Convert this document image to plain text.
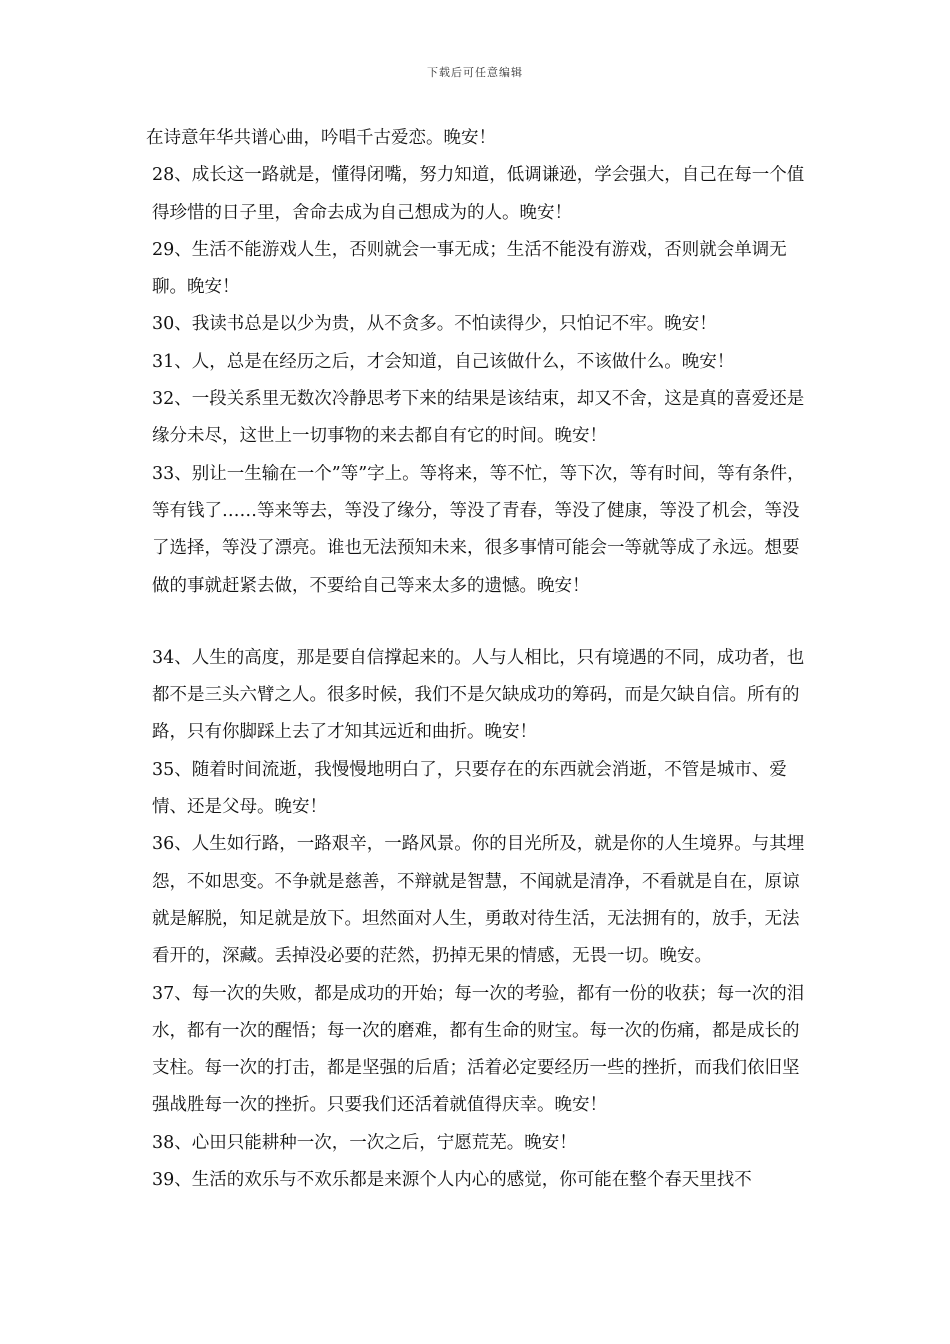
下载后可任意编辑

在诗意年华共谱心曲，吟唱千古爱恋。晚安！

28、成长这一路就是，懂得闭嘴，努力知道，低调谦逊，学会强大，自己在每一个值得珍惜的日子里，舍命去成为自己想成为的人。晚安！

29、生活不能游戏人生，否则就会一事无成；生活不能没有游戏，否则就会单调无聊。晚安！

30、我读书总是以少为贵，从不贪多。不怕读得少，只怕记不牢。晚安！

31、人，总是在经历之后，才会知道，自己该做什么，不该做什么。晚安！

32、一段关系里无数次冷静思考下来的结果是该结束，却又不舍，这是真的喜爱还是缘分未尽，这世上一切事物的来去都自有它的时间。晚安！

33、别让一生输在一个”等”字上。等将来，等不忙，等下次，等有时间，等有条件，等有钱了……等来等去，等没了缘分，等没了青春，等没了健康，等没了机会，等没了选择，等没了漂亮。谁也无法预知未来，很多事情可能会一等就等成了永远。想要做的事就赶紧去做，不要给自己等来太多的遗憾。晚安！

34、人生的高度，那是要自信撑起来的。人与人相比，只有境遇的不同，成功者，也都不是三头六臂之人。很多时候，我们不是欠缺成功的筹码，而是欠缺自信。所有的路，只有你脚踩上去了才知其远近和曲折。晚安！

35、随着时间流逝，我慢慢地明白了，只要存在的东西就会消逝，不管是城市、爱情、还是父母。晚安！

36、人生如行路，一路艰辛，一路风景。你的目光所及，就是你的人生境界。与其埋怨，不如思变。不争就是慈善，不辩就是智慧，不闻就是清净，不看就是自在，原谅就是解脱，知足就是放下。坦然面对人生，勇敢对待生活，无法拥有的，放手，无法看开的，深藏。丢掉没必要的茫然，扔掉无果的情感，无畏一切。晚安。

37、每一次的失败，都是成功的开始；每一次的考验，都有一份的收获；每一次的泪水，都有一次的醒悟；每一次的磨难，都有生命的财宝。每一次的伤痛，都是成长的支柱。每一次的打击，都是坚强的后盾；活着必定要经历一些的挫折，而我们依旧坚强战胜每一次的挫折。只要我们还活着就值得庆幸。晚安！

38、心田只能耕种一次，一次之后，宁愿荒芜。晚安！

39、生活的欢乐与不欢乐都是来源个人内心的感觉，你可能在整个春天里找不
